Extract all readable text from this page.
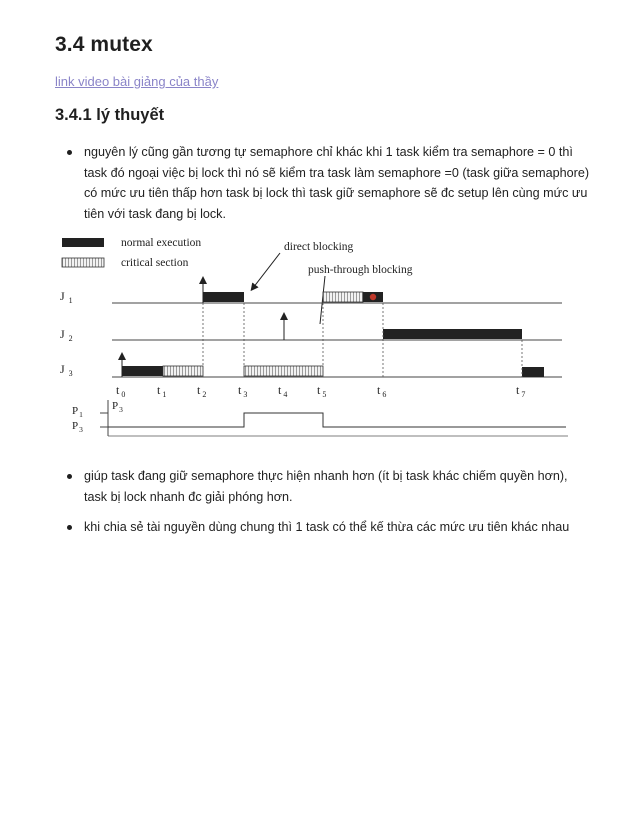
3.4 mutex
link video bài giảng của thầy
3.4.1 lý thuyết
nguyên lý cũng gần tương tự semaphore chỉ khác khi 1 task kiểm tra semaphore = 0 thì task đó ngoại việc bị lock thì nó sẽ kiểm tra task làm semaphore =0 (task giữa semaphore) có mức ưu tiên thấp hơn task bị lock thì task giữ semaphore sẽ đc setup lên cùng mức ưu tiên với task đang bị lock.
normal execution
critical section
direct blocking
push-through blocking
J $_1$
J $_2$
J $_3$
t $_0$	t $_1$	t $_2$	t $_3$	t $_4$ t $_5$	t $_6$	t $_7$
$P_3$
$P_1$
$P_3$
giúp task đang giữ semaphore thực hiện nhanh hơn (ít bị task khác chiếm quyền hơn), task bị lock nhanh đc giải phóng hơn.
khi chia sẻ tài nguyền dùng chung thì 1 task có thể kế thừa các mức ưu tiên khác nhau
